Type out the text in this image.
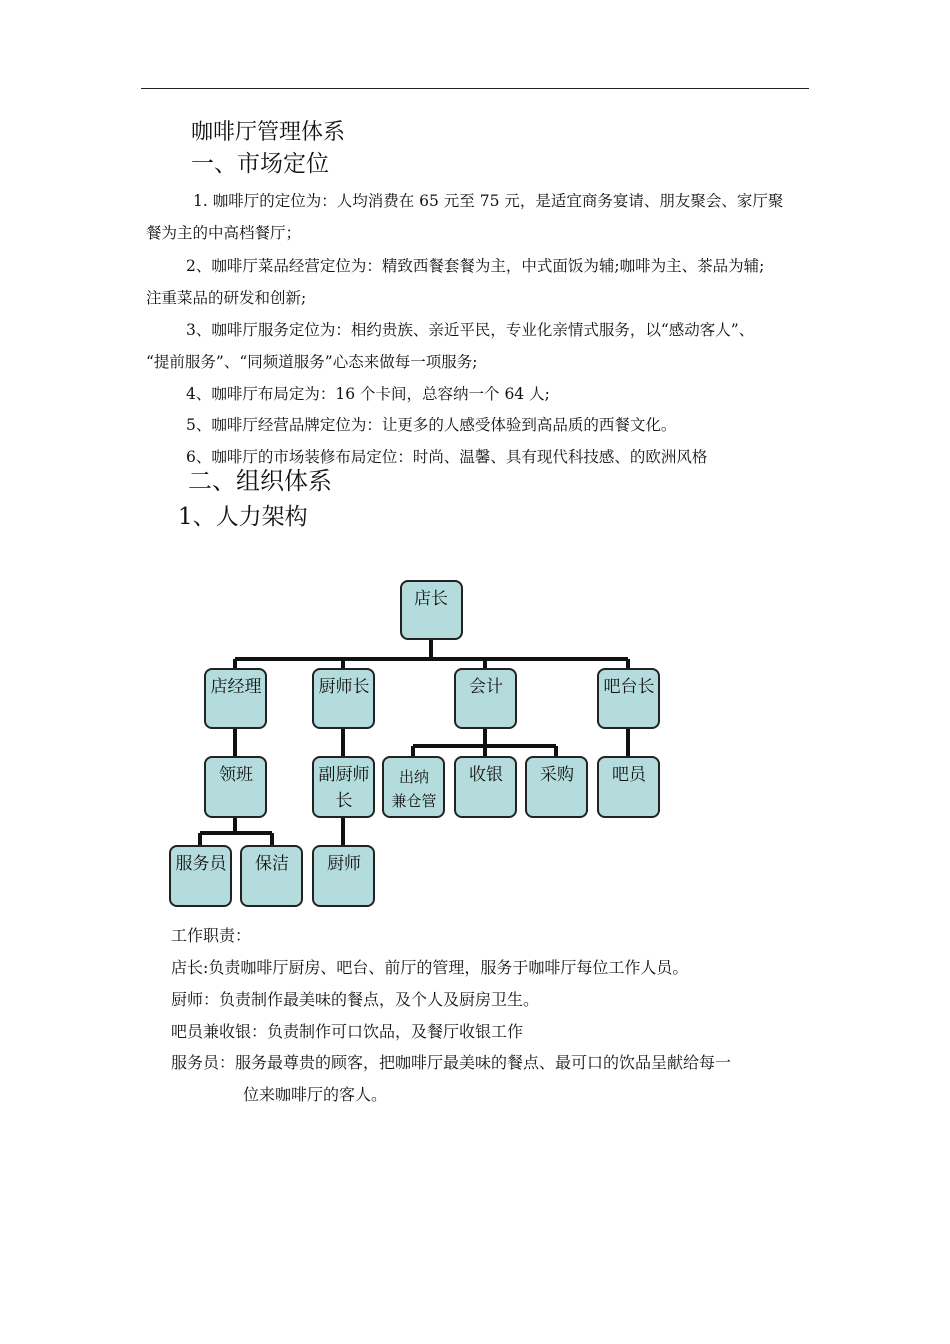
咖啡厅管理体系
一、市场定位
1. 咖啡厅的定位为：人均消费在 65 元至 75 元，是适宜商务宴请、朋友聚会、家厅聚
餐为主的中高档餐厅；
2、咖啡厅菜品经营定位为：精致西餐套餐为主，中式面饭为辅;咖啡为主、茶品为辅;
注重菜品的研发和创新;
3、咖啡厅服务定位为：相约贵族、亲近平民，专业化亲情式服务，以“感动客人”、
“提前服务”、“同频道服务”心态来做每一项服务;
4、咖啡厅布局定为：16 个卡间，总容纳一个 64 人;
5、咖啡厅经营品牌定位为：让更多的人感受体验到高品质的西餐文化。
6、咖啡厅的市场装修布局定位：时尚、温馨、具有现代科技感、的欧洲风格
二、组织体系
1、人力架构
店长
店经理	厨师长	会计	吧台长
领班	副厨师
长
出纳
兼仓管
收银 采购 吧员
服务员 保洁 厨师
工作职责：
店长:负责咖啡厅厨房、吧台、前厅的管理，服务于咖啡厅每位工作人员。
厨师：负责制作最美味的餐点，及个人及厨房卫生。
吧员兼收银：负责制作可口饮品，及餐厅收银工作
服务员：服务最尊贵的顾客，把咖啡厅最美味的餐点、最可口的饮品呈献给每一
位来咖啡厅的客人。
